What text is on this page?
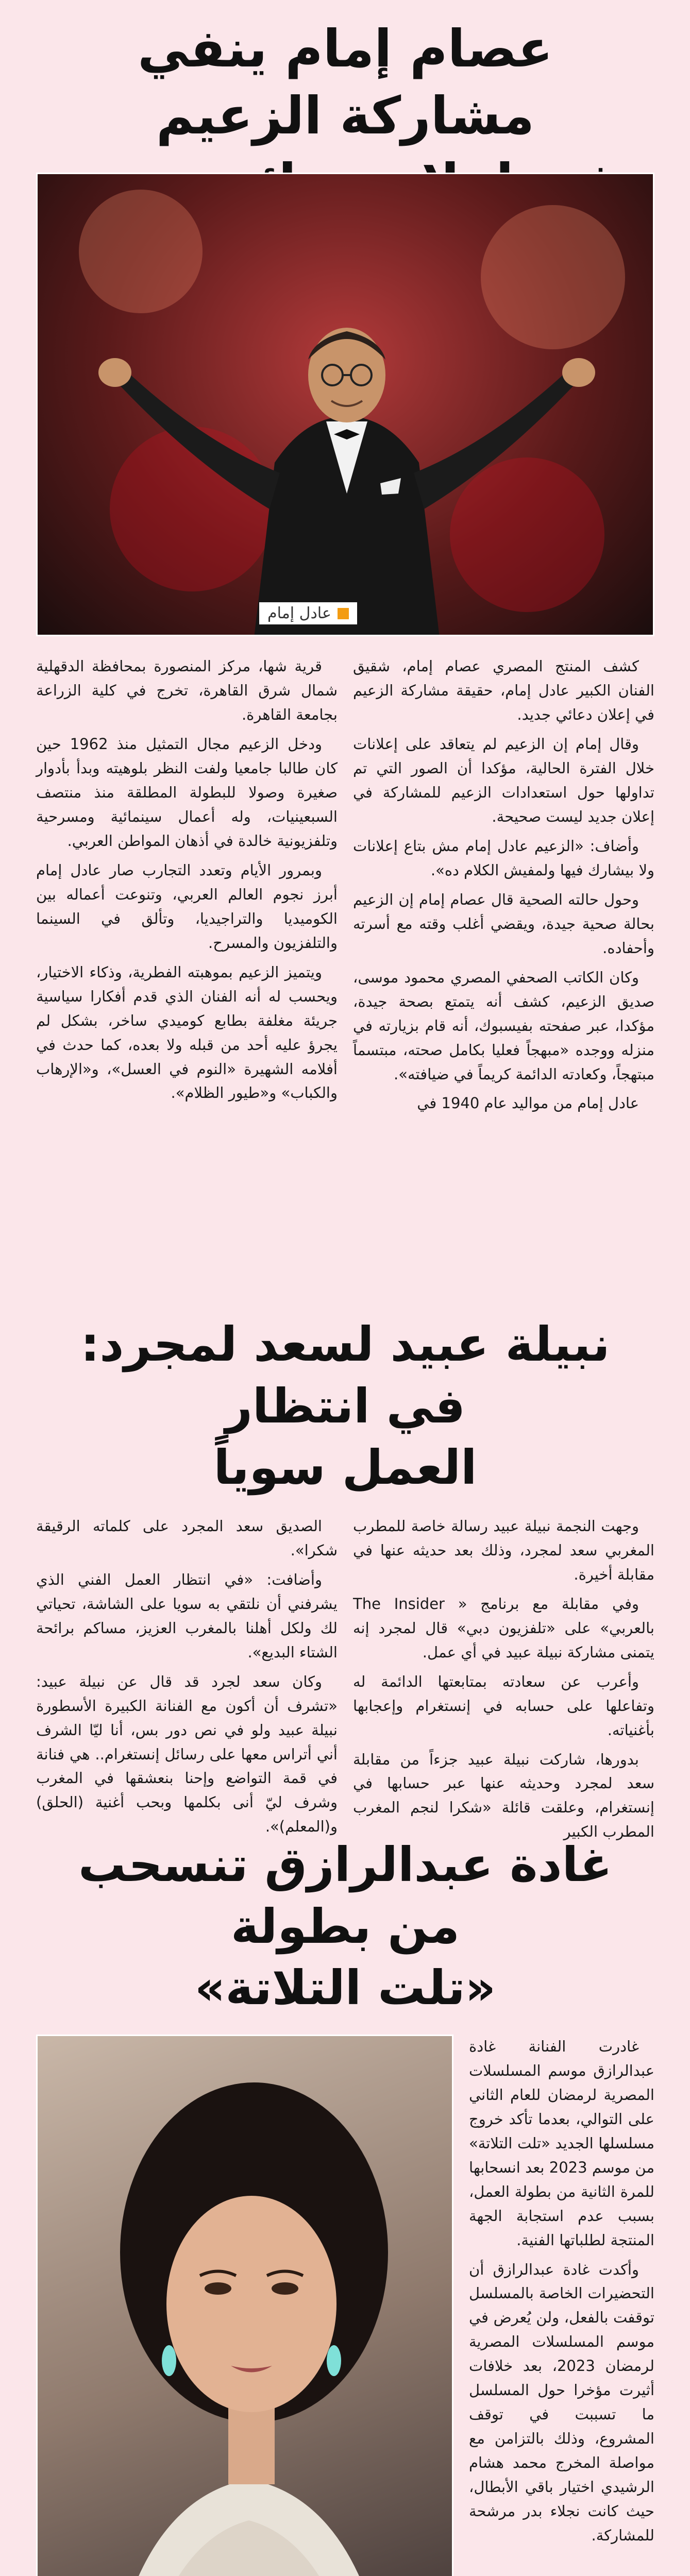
عصام إمام ينفي مشاركة الزعيم
عادل إمام

كشف المنتج المصري عصام إمام، شقيق الفنان الكبير عادل إمام، حقيقة مشاركة الزعيم في إعلان دعائي جديد.

وقال إمام إن الزعيم لم يتعاقد على إعلانات خلال الفترة الحالية، مؤكدا أن الصور التي تم تداولها حول استعدادات الزعيم للمشاركة في إعلان جديد ليست صحيحة.

وأضاف: «الزعيم عادل إمام مش بتاع إعلانات ولا بيشارك فيها ولمفيش الكلام ده».

وحول حالته الصحية قال عصام إمام إن الزعيم بحالة صحية جيدة، ويقضي أغلب وقته مع أسرته وأحفاده.

وكان الكاتب الصحفي المصري محمود موسى، صديق الزعيم، كشف أنه يتمتع بصحة جيدة، مؤكدا، عبر صفحته بفيسبوك، أنه قام بزيارته في منزله ووجده «مبهجاً فعليا بكامل صحته، مبتسماً مبتهجاً، وكعادته الدائمة كريماً في ضيافته».

عادل إمام من مواليد عام 1940 في

قرية شها، مركز المنصورة بمحافظة الدقهلية شمال شرق القاهرة، تخرج في كلية الزراعة بجامعة القاهرة.

ودخل الزعيم مجال التمثيل منذ 1962 حين كان طالبا جامعيا ولفت النظر بلوهيته وبدأ بأدوار صغيرة وصولا للبطولة المطلقة منذ منتصف السبعينيات، وله أعمال سينمائية ومسرحية وتلفزيونية خالدة في أذهان المواطن العربي.

وبمرور الأيام وتعدد التجارب صار عادل إمام أبرز نجوم العالم العربي، وتنوعت أعماله بين الكوميديا والتراجيديا، وتألق في السينما والتلفزيون والمسرح.

ويتميز الزعيم بموهبته الفطرية، وذكاء الاختيار، ويحسب له أنه الفنان الذي قدم أفكارا سياسية جريئة مغلفة بطابع كوميدي ساخر، بشكل لم يجرؤ عليه أحد من قبله ولا بعده، كما حدث في أفلامه الشهيرة «النوم في العسل»، و«الإرهاب والكباب» و«طيور الظلام».

نبيلة عبيد لسعد لمجرد: في انتظار
العمل سوياً

وجهت النجمة نبيلة عبيد رسالة خاصة للمطرب المغربي سعد لمجرد، وذلك بعد حديثه عنها في مقابلة أخيرة.

وفي مقابلة مع برنامج « The Insider بالعربي» على «تلفزيون دبي» قال لمجرد إنه يتمنى مشاركة نبيلة عبيد في أي عمل.

وأعرب عن سعادته بمتابعتها الدائمة له وتفاعلها على حسابه في إنستغرام وإعجابها بأغنياته.

بدورها، شاركت نبيلة عبيد جزءاً من مقابلة سعد لمجرد وحديثه عنها عبر حسابها في إنستغرام، وعلقت قائلة «شكرا لنجم المغرب المطرب الكبير

الصديق سعد المجرد على كلماته الرقيقة شكرا».

وأضافت: «في انتظار العمل الفني الذي يشرفني أن نلتقي به سويا على الشاشة، تحياتي لك ولكل أهلنا بالمغرب العزيز، مساكم برائحة الشتاء البديع».

وكان سعد لجرد قد قال عن نبيلة عبيد: «تشرف أن أكون مع الفنانة الكبيرة الأسطورة نبيلة عبيد ولو في نص دور بس، أنا ليّا الشرف أني أتراس معها على رسائل إنستغرام.. هي فنانة في قمة التواضع وإحنا بنعشقها في المغرب وشرف ليّ أنى بكلمها وبحب أغنية (الحلق) و(المعلم)».

غادة عبدالرازق تنسحب من بطولة
«تلت التلاتة»

غادرت الفنانة غادة عبدالرازق موسم المسلسلات المصرية لرمضان للعام الثاني على التوالي، بعدما تأكد خروج مسلسلها الجديد «تلت التلاتة» من موسم 2023 بعد انسحابها للمرة الثانية من بطولة العمل، بسبب عدم استجابة الجهة المنتجة لطلباتها الفنية.

وأكدت غادة عبدالرازق أن التحضيرات الخاصة بالمسلسل توقفت بالفعل، ولن يُعرض في موسم المسلسلات المصرية لرمضان 2023، بعد خلافات أثيرت مؤخرا حول المسلسل ما تسببت في توقف المشروع، وذلك بالتزامن مع مواصلة المخرج محمد هشام الرشيدي اختيار باقي الأبطال، حيث كانت نجلاء بدر مرشحة للمشاركة.
